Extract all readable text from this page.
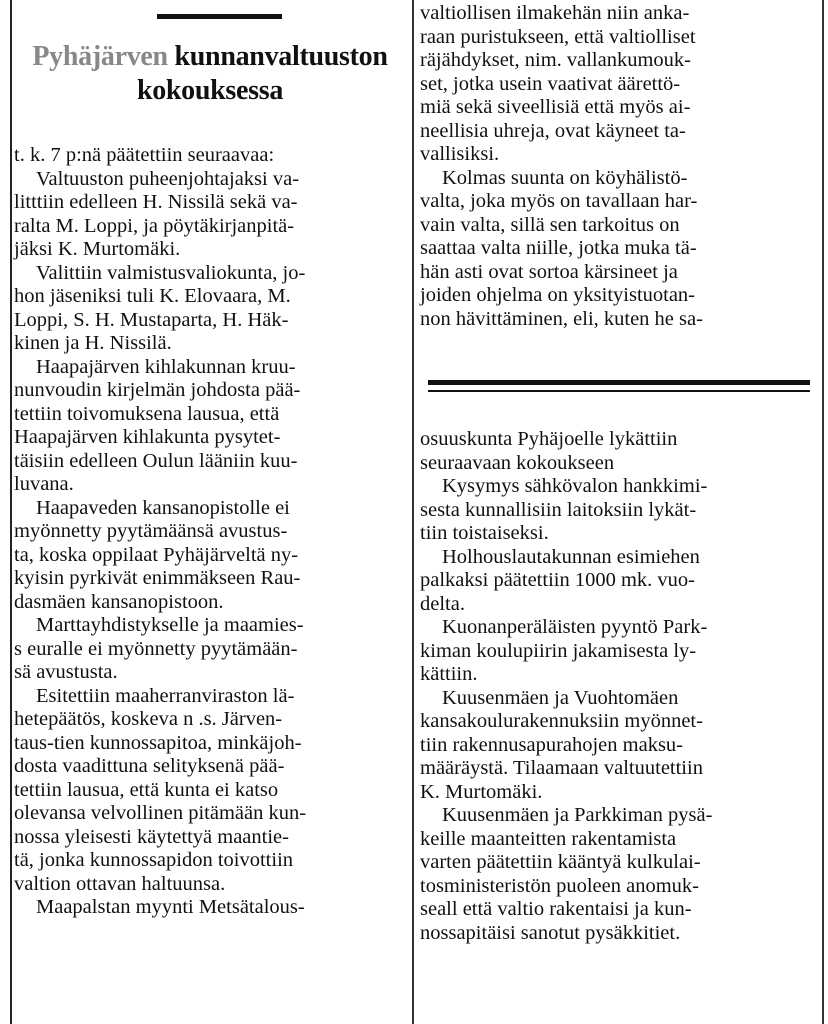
Pyhäjärven kunnanvaltuuston
kokouksessa

t. k. 7 p:nä päätettiin seuraavaa:

Valtuuston puheenjohtajaksi va-
litttiin edelleen H. Nissilä sekä va-
ralta M. Loppi, ja pöytäkirjanpitä-
jäksi K. Murtomäki.

Valittiin valmistusvaliokunta, jo-
hon jäseniksi tuli K. Elovaara, M.
Loppi, S. H. Mustaparta, H. Häk-
kinen ja H. Nissilä.

Haapajärven kihlakunnan kruu-
nunvoudin kirjelmän johdosta pää-
tettiin toivomuksena lausua, että
Haapajärven kihlakunta pysytet-
täisiin edelleen Oulun lääniin kuu-
luvana.

Haapaveden kansanopistolle ei
myönnetty pyytämäänsä avustus-
ta, koska oppilaat Pyhäjärveltä ny-
kyisin pyrkivät enimmäkseen Rau-
dasmäen kansanopistoon.

Marttayhdistykselle ja maamies-
s euralle ei myönnetty pyytämään-
sä avustusta.

Esitettiin maaherranviraston lä-
hetepäätös, koskeva n .s. Järven-
taus-tien kunnossapitoa, minkäjoh-
dosta vaadittuna selityksenä pää-
tettiin lausua, että kunta ei katso
olevansa velvollinen pitämään kun-
nossa yleisesti käytettyä maantie-
tä, jonka kunnossapidon toivottiin
valtion ottavan haltuunsa.

Maapalstan myynti Metsätalous-

valtiollisen ilmakehän niin anka-
raan puristukseen, että valtiolliset
räjähdykset, nim. vallankumouk-
set, jotka usein vaativat äärettö-
miä sekä siveellisiä että myös ai-
neellisia uhreja, ovat käyneet ta-
vallisiksi.

Kolmas suunta on köyhälistö-
valta, joka myös on tavallaan har-
vain valta, sillä sen tarkoitus on
saattaa valta niille, jotka muka tä-
hän asti ovat sortoa kärsineet ja
joiden ohjelma on yksityistuotan-
non hävittäminen, eli, kuten he sa-

osuuskunta Pyhäjoelle lykättiin
seuraavaan kokoukseen

Kysymys sähkövalon hankkimi-
sesta kunnallisiin laitoksiin lykät-
tiin toistaiseksi.

Holhouslautakunnan esimiehen
palkaksi päätettiin 1000 mk. vuo-
delta.

Kuonanperäläisten pyyntö Park-
kiman koulupiirin jakamisesta ly-
kättiin.

Kuusenmäen ja Vuohtomäen
kansakoulurakennuksiin myönnet-
tiin rakennusapurahojen maksu-
määräystä. Tilaamaan valtuutettiin
K. Murtomäki.

Kuusenmäen ja Parkkiman pysä-
keille maanteitten rakentamista
varten päätettiin kääntyä kulkulai-
tosministeristön puoleen anomuk-
seall että valtio rakentaisi ja kun-
nossapitäisi sanotut pysäkkitiet.
